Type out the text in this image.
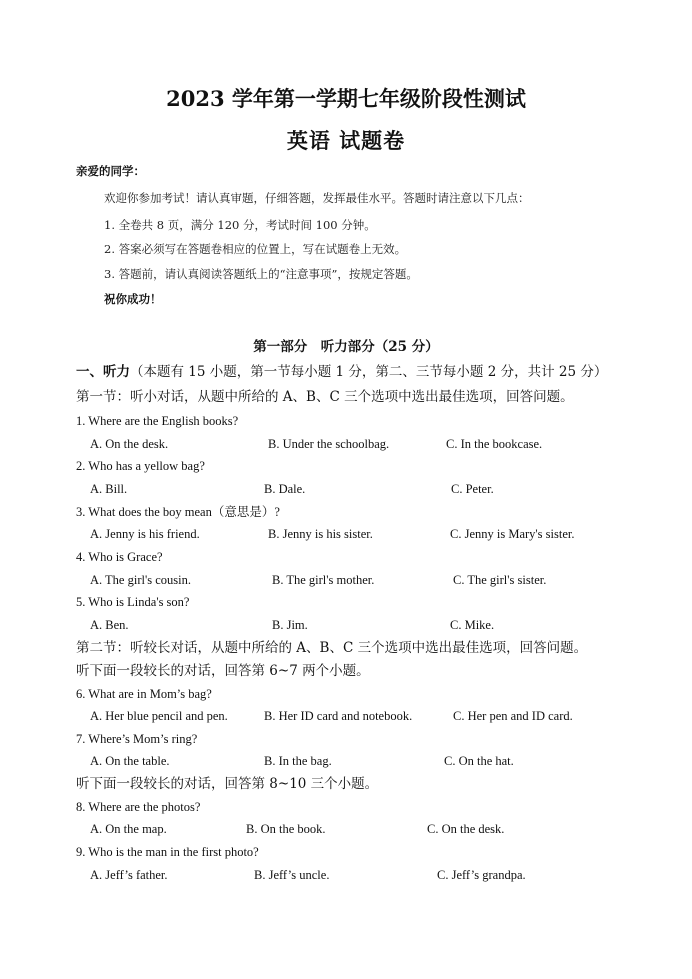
2023 学年第一学期七年级阶段性测试
英语 试题卷
亲爱的同学：
欢迎你参加考试！请认真审题，仔细答题，发挥最佳水平。答题时请注意以下几点：
1. 全卷共 8 页，满分 120 分，考试时间 100 分钟。
2. 答案必须写在答题卷相应的位置上，写在试题卷上无效。
3. 答题前，请认真阅读答题纸上的“注意事项”，按规定答题。
祝你成功！
第一部分　听力部分（25 分）
一、听力（本题有 15 小题，第一节每小题 1 分，第二、三节每小题 2 分，共计 25 分）
第一节：听小对话，从题中所给的 A、B、C 三个选项中选出最佳选项，回答问题。
1. Where are the English books?
A. On the desk.	B. Under the schoolbag.	C. In the bookcase.
2. Who has a yellow bag?
A. Bill.	B. Dale.	C. Peter.
3. What does the boy mean（意思是）?
A. Jenny is his friend.	B. Jenny is his sister.	C. Jenny is Mary's sister.
4. Who is Grace?
A. The girl's cousin.	B. The girl's mother.	C. The girl's sister.
5. Who is Linda's son?
A. Ben.	B. Jim.	C. Mike.
第二节：听较长对话，从题中所给的 A、B、C 三个选项中选出最佳选项，回答问题。
听下面一段较长的对话，回答第 6~7 两个小题。
6. What are in Mom’s bag?
A. Her blue pencil and pen.	B. Her ID card and notebook.	C. Her pen and ID card.
7. Where’s Mom’s ring?
A. On the table.	B. In the bag.	C. On the hat.
听下面一段较长的对话，回答第 8~10 三个小题。
8. Where are the photos?
A. On the map.	B. On the book.	C. On the desk.
9. Who is the man in the first photo?
A. Jeff’s father.	B. Jeff’s uncle.	C. Jeff’s grandpa.
